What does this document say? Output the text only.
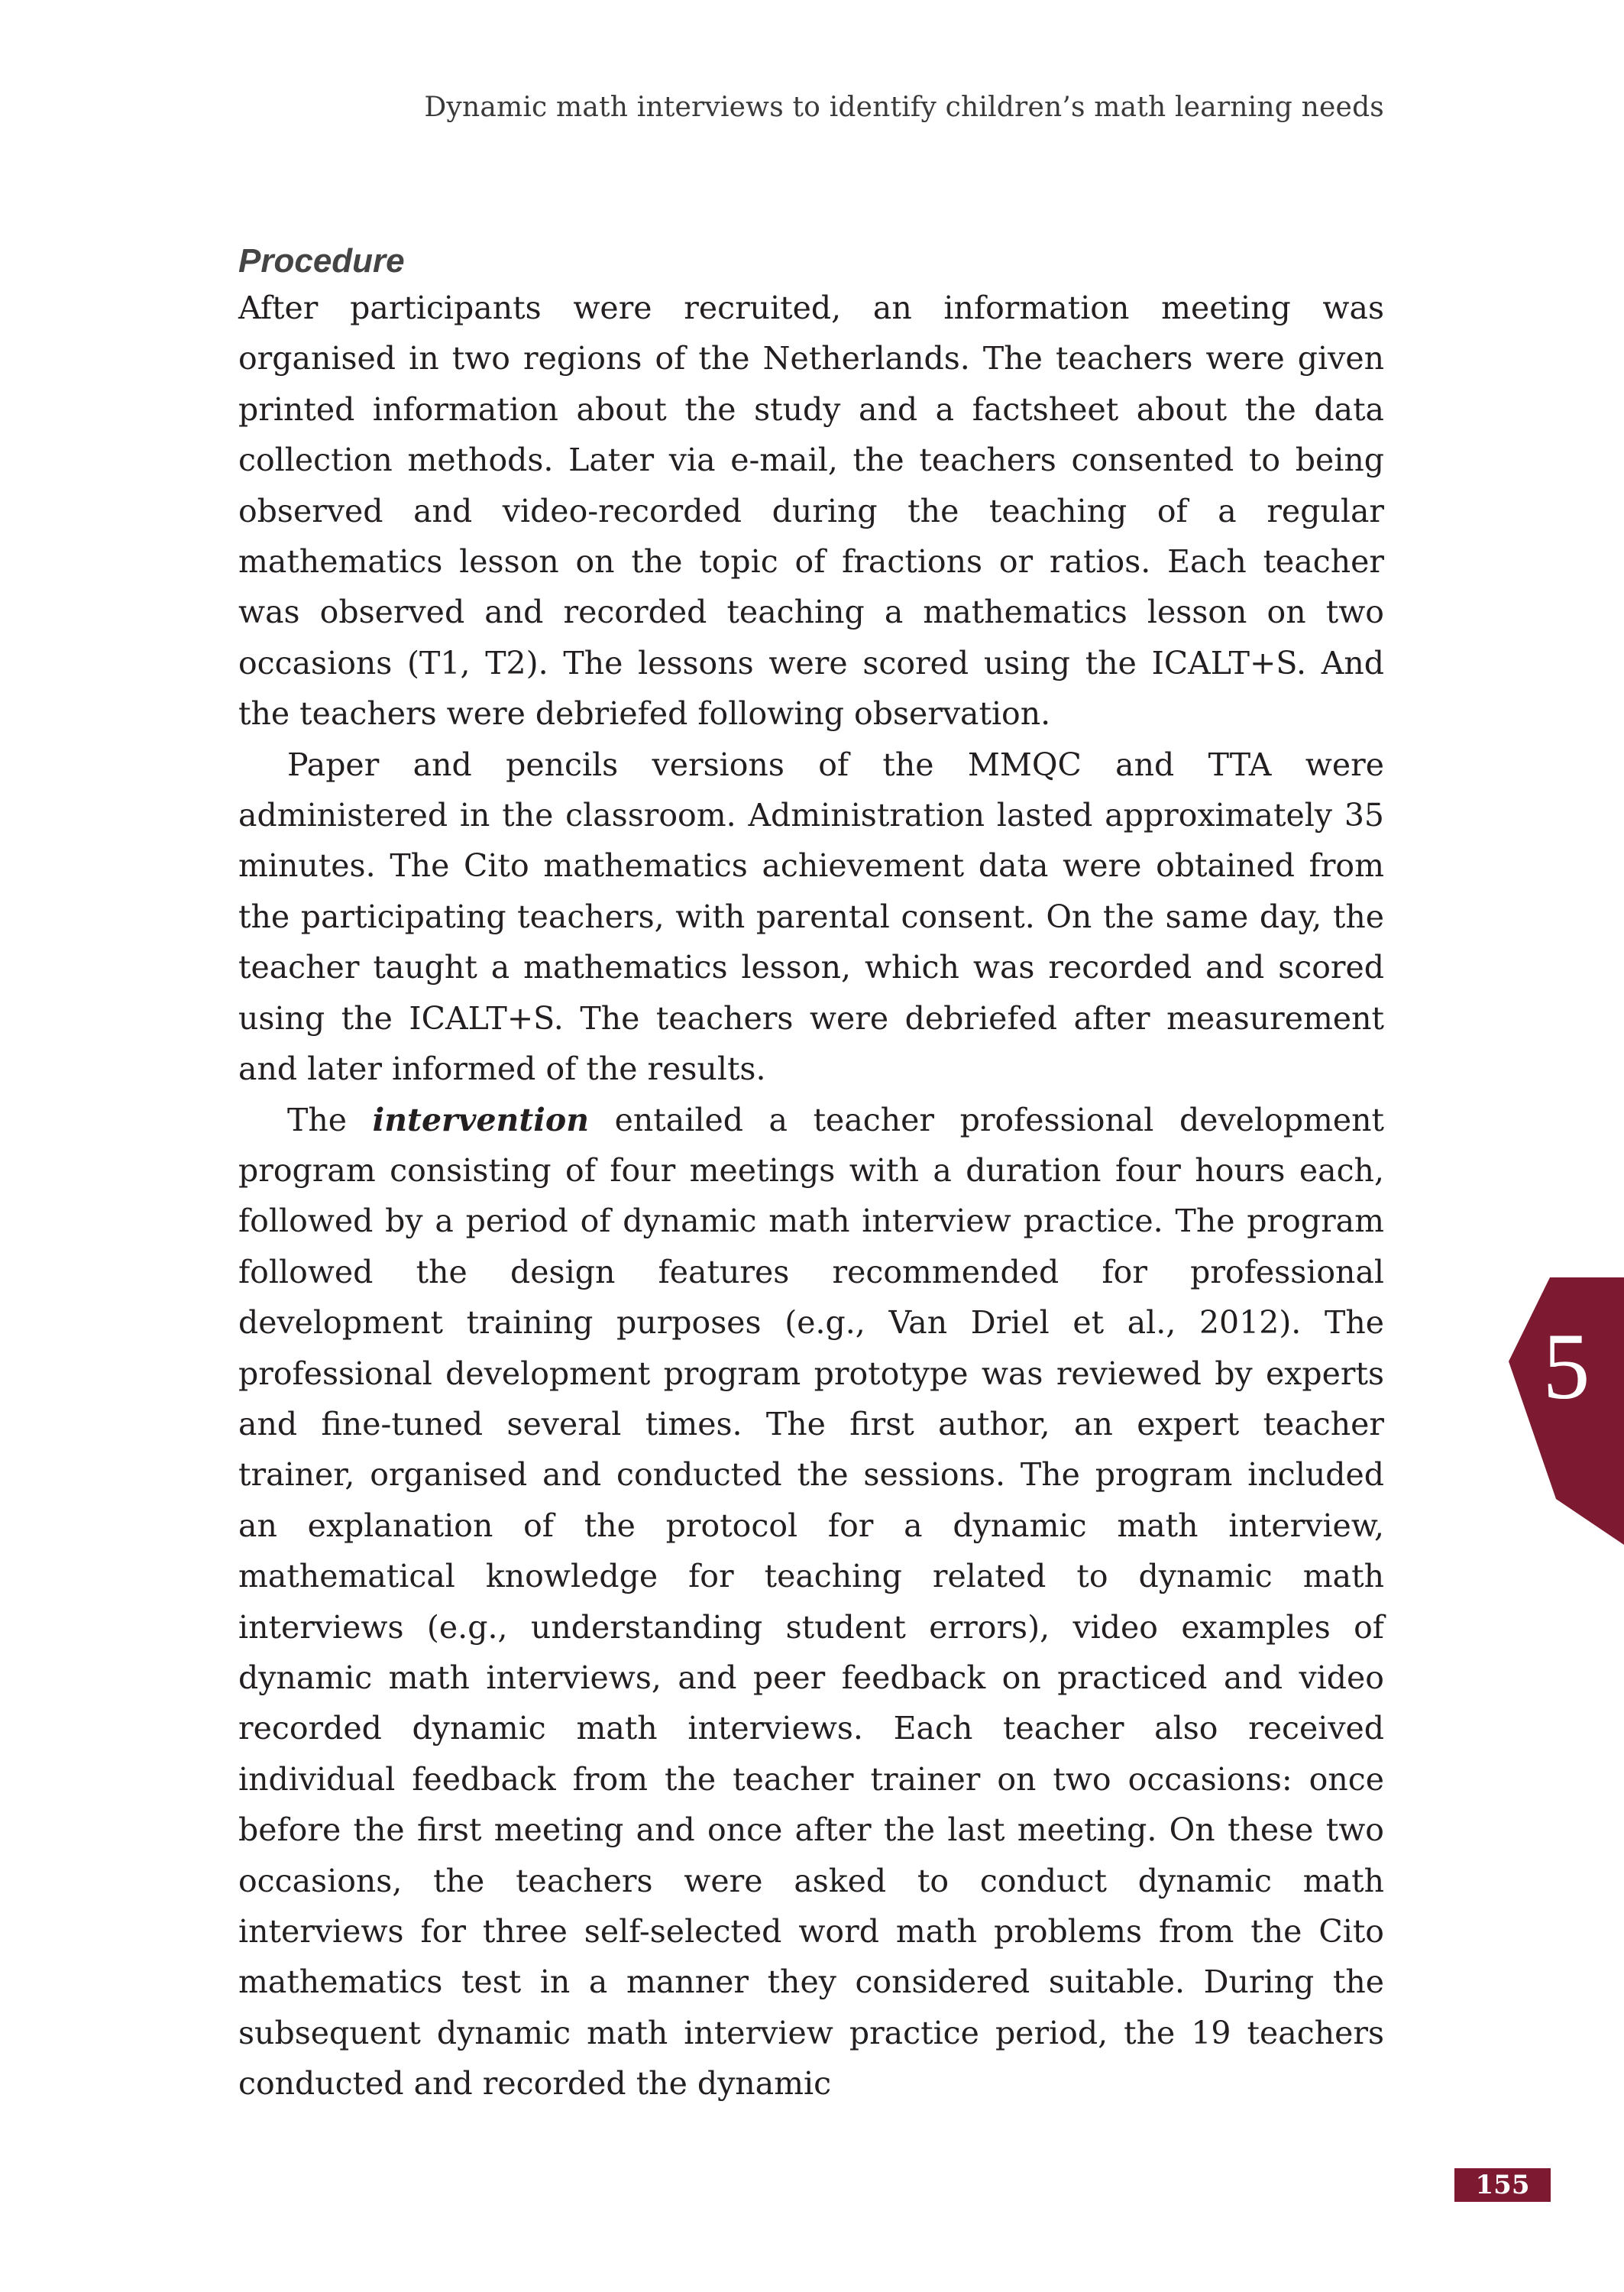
Dynamic math interviews to identify children’s math learning needs
Procedure

After participants were recruited, an information meeting was organised in two regions of the Netherlands. The teachers were given printed information about the study and a factsheet about the data collection methods. Later via e-mail, the teachers consented to being observed and video-recorded during the teaching of a regular mathematics lesson on the topic of fractions or ratios. Each teacher was observed and recorded teaching a mathematics lesson on two occasions (T1, T2). The lessons were scored using the ICALT+S. And the teachers were debriefed following observation.

Paper and pencils versions of the MMQC and TTA were administered in the classroom. Administration lasted approximately 35 minutes. The Cito mathematics achievement data were obtained from the participating teachers, with parental consent. On the same day, the teacher taught a mathematics lesson, which was recorded and scored using the ICALT+S. The teachers were debriefed after measurement and later informed of the results.

The intervention entailed a teacher professional development program consisting of four meetings with a duration four hours each, followed by a period of dynamic math interview practice. The program followed the design features recommended for professional development training purposes (e.g., Van Driel et al., 2012). The professional development program prototype was reviewed by experts and fine-tuned several times. The first author, an expert teacher trainer, organised and conducted the sessions. The program included an explanation of the protocol for a dynamic math interview, mathematical knowledge for teaching related to dynamic math interviews (e.g., understanding student errors), video examples of dynamic math interviews, and peer feedback on practiced and video recorded dynamic math interviews. Each teacher also received individual feedback from the teacher trainer on two occasions: once before the first meeting and once after the last meeting. On these two occasions, the teachers were asked to conduct dynamic math interviews for three self-selected word math problems from the Cito mathematics test in a manner they considered suitable. During the subsequent dynamic math interview practice period, the 19 teachers conducted and recorded the dynamic

5
155
